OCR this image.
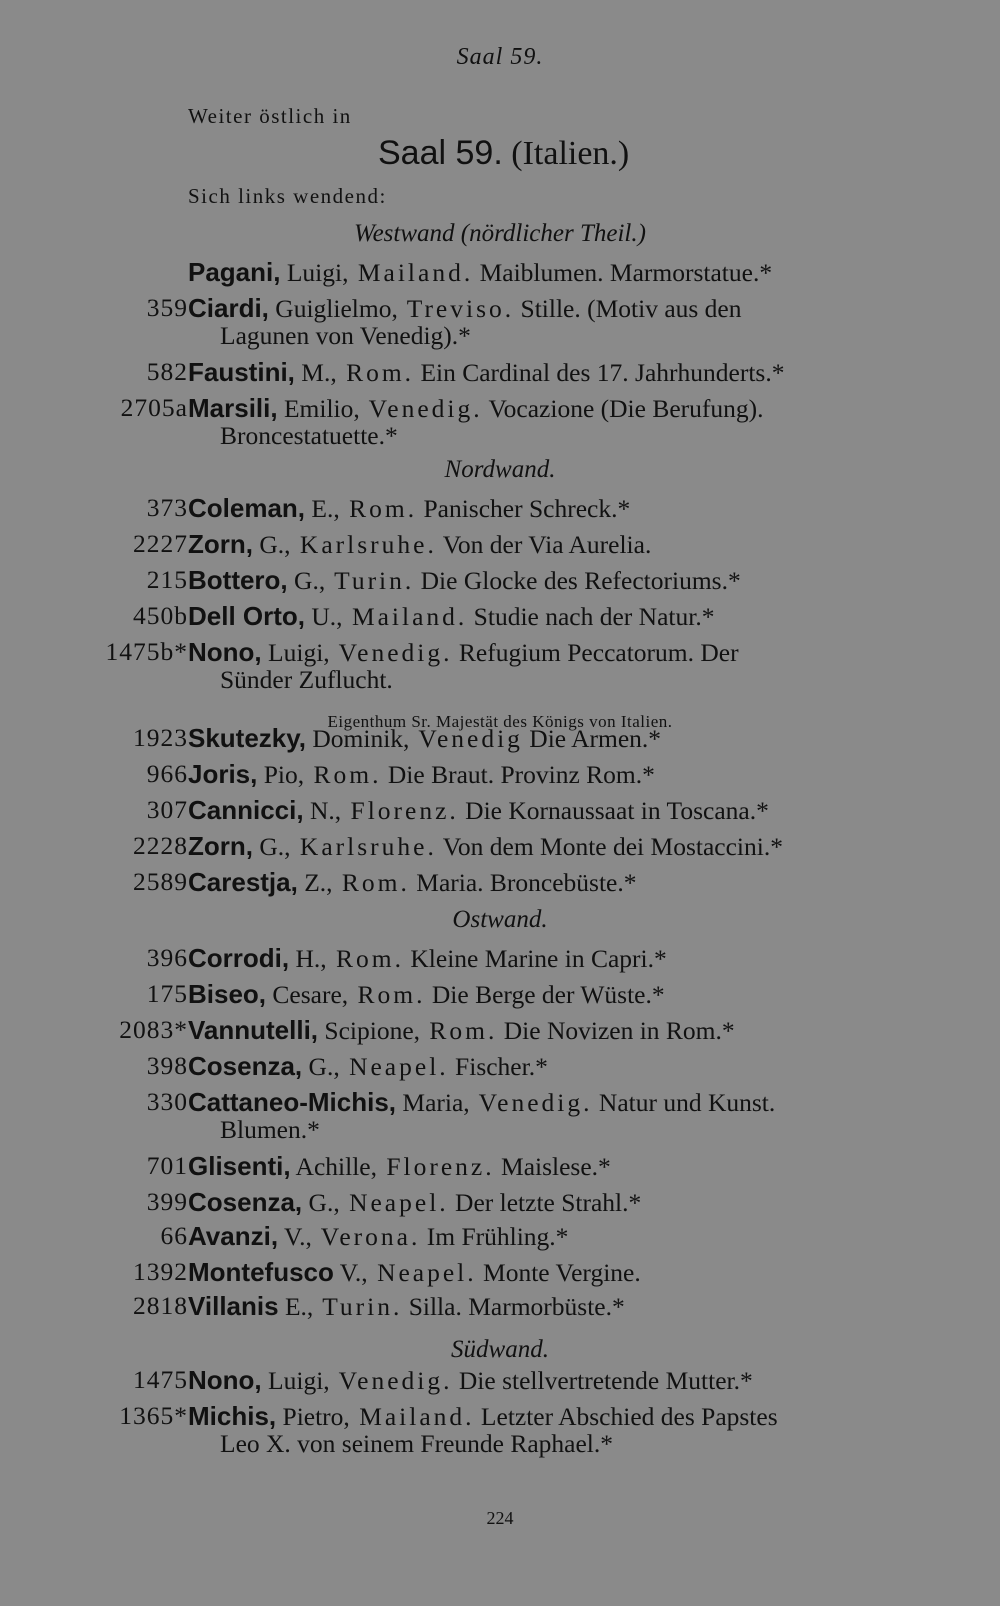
Saal 59.
Weiter östlich in
Saal 59. (Italien.)
Sich links wendend:
Westwand (nördlicher Theil.)
Nordwand.
Ostwand.
Südwand.
Pagani, Luigi, Mailand. Maiblumen. Marmorstatue.*
359 Ciardi, Guiglielmo, Treviso. Stille. (Motiv aus den
Lagunen von Venedig).*
582 Faustini, M., Rom. Ein Cardinal des 17. Jahrhunderts.*
2705a Marsili, Emilio, Venedig. Vocazione (Die Berufung).
Broncestatuette.*
373 Coleman, E., Rom. Panischer Schreck.*
2227 Zorn, G., Karlsruhe. Von der Via Aurelia.
215 Bottero, G., Turin. Die Glocke des Refectoriums.*
450b Dell Orto, U., Mailand. Studie nach der Natur.*
1475b* Nono, Luigi, Venedig. Refugium Peccatorum. Der
Sünder Zuflucht.
1923 Skutezky, Dominik, Venedig Die Armen.*
966 Joris, Pio, Rom. Die Braut. Provinz Rom.*
307 Cannicci, N., Florenz. Die Kornaussaat in Toscana.*
2228 Zorn, G., Karlsruhe. Von dem Monte dei Mostaccini.*
2589 Carestja, Z., Rom. Maria. Broncebüste.*
396 Corrodi, H., Rom. Kleine Marine in Capri.*
175 Biseo, Cesare, Rom. Die Berge der Wüste.*
2083* Vannutelli, Scipione, Rom. Die Novizen in Rom.*
398 Cosenza, G., Neapel. Fischer.*
330 Cattaneo-Michis, Maria, Venedig. Natur und Kunst.
Blumen.*
701 Glisenti, Achille, Florenz. Maislese.*
399 Cosenza, G., Neapel. Der letzte Strahl.*
66 Avanzi, V., Verona. Im Frühling.*
1392 Montefusco V., Neapel. Monte Vergine.
2818 Villanis E., Turin. Silla. Marmorbüste.*
1475 Nono, Luigi, Venedig. Die stellvertretende Mutter.*
1365* Michis, Pietro, Mailand. Letzter Abschied des Papstes
Leo X. von seinem Freunde Raphael.*
Eigenthum Sr. Majestät des Königs von Italien.
224
